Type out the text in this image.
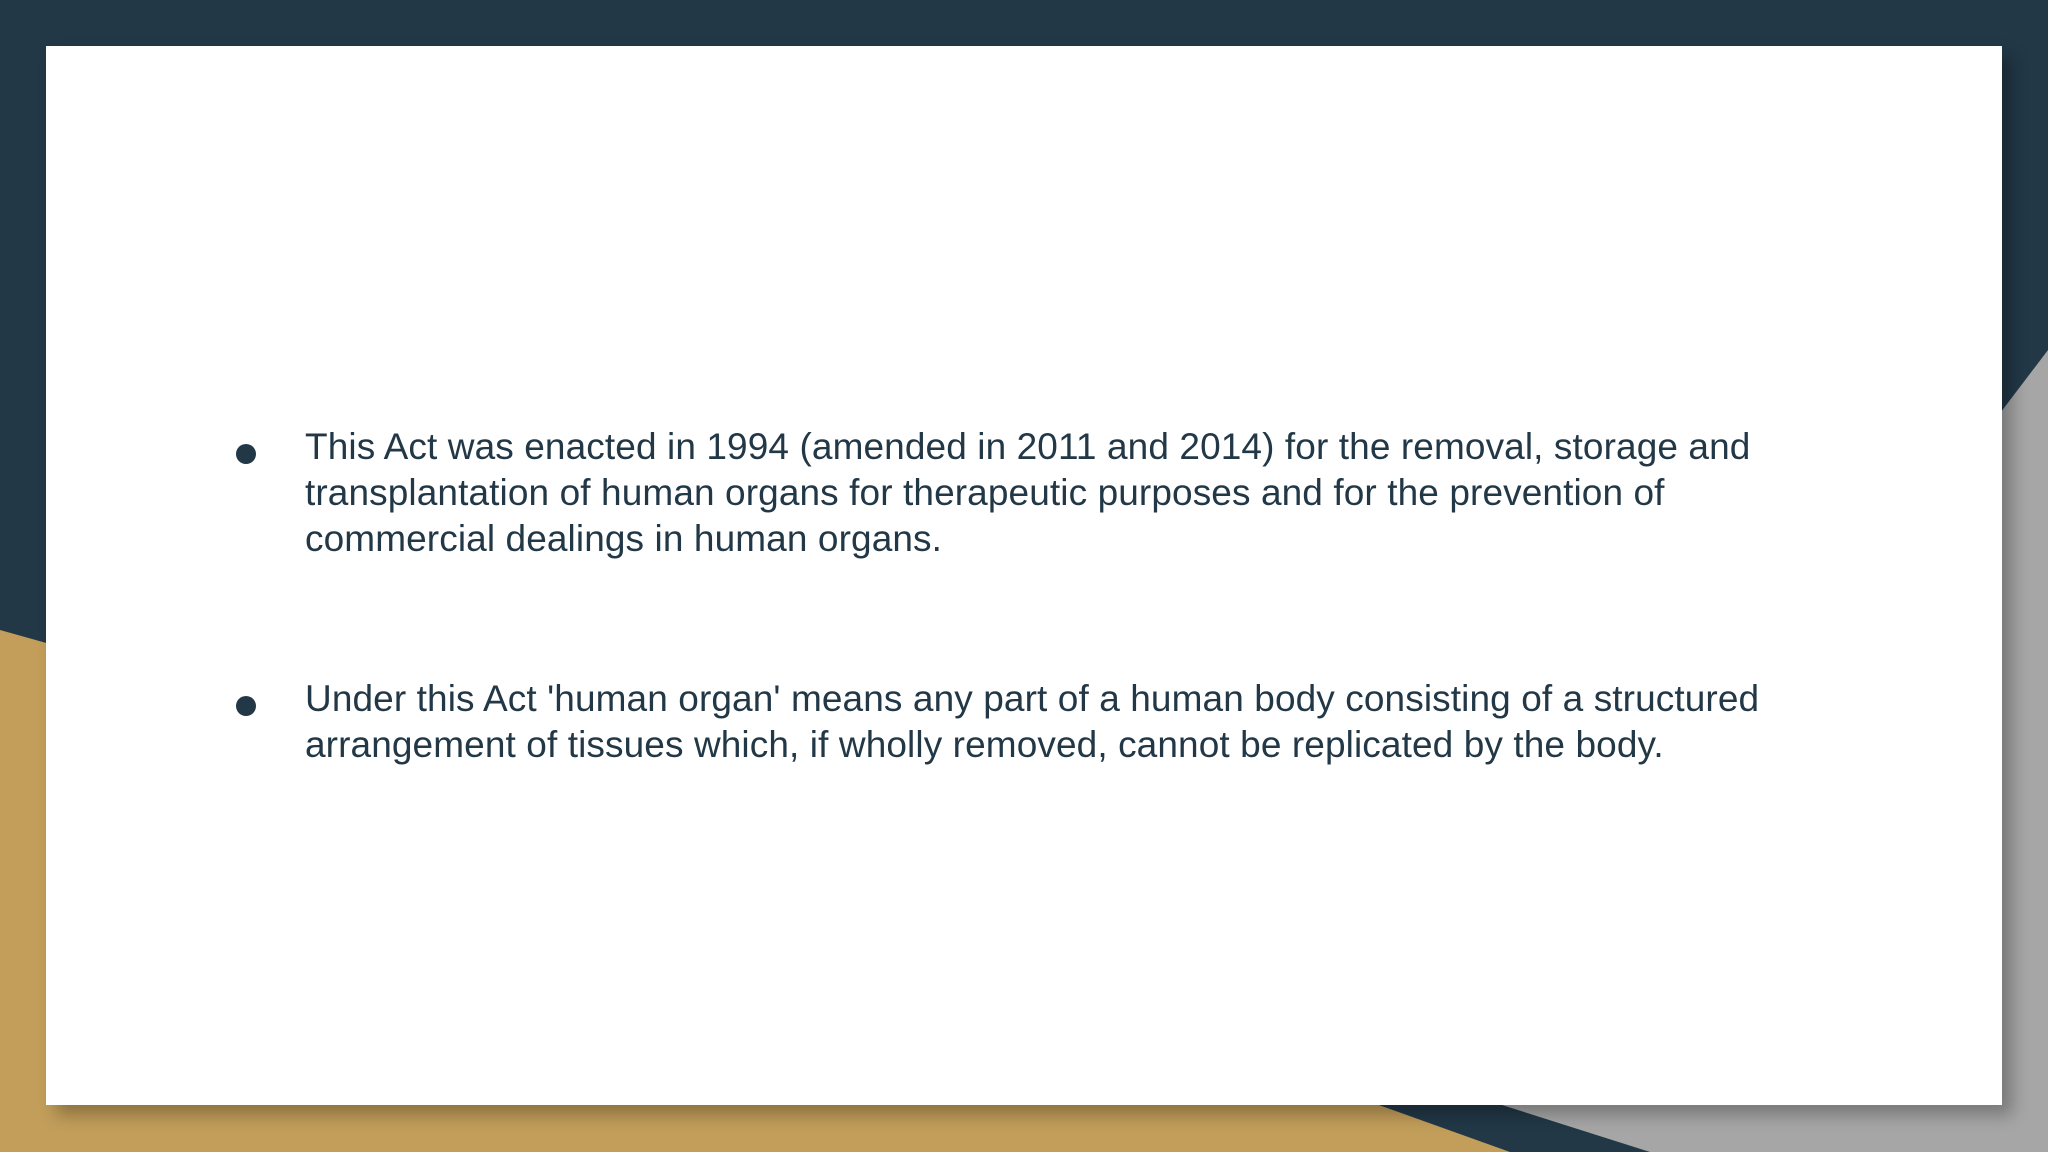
This Act was enacted in 1994 (amended in 2011 and 2014) for the removal, storage and transplantation of human organs for therapeutic purposes and for the prevention of commercial dealings in human organs.
Under this Act 'human organ' means any part of a human body consisting of a structured arrangement of tissues which, if wholly removed, cannot be replicated by the body.
